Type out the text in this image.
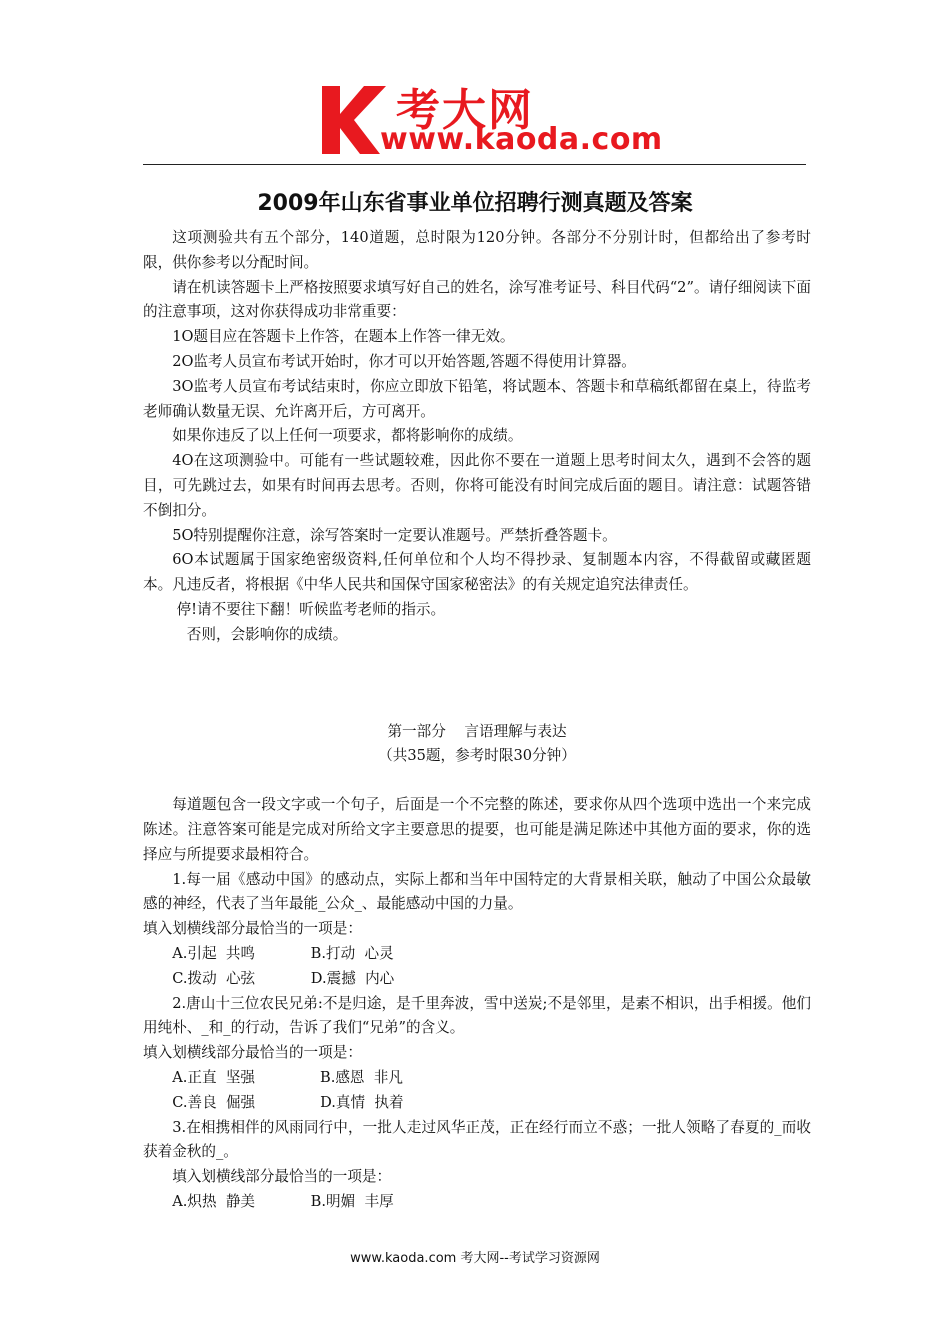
考大网
www.kaoda.com
2009年山东省事业单位招聘行测真题及答案

这项测验共有五个部分，140道题，总时限为120分钟。各部分不分别计时，但都给出了参考时限，供你参考以分配时间。

请在机读答题卡上严格按照要求填写好自己的姓名，涂写准考证号、科目代码“2”。请仔细阅读下面的注意事项，这对你获得成功非常重要：

1O题目应在答题卡上作答，在题本上作答一律无效。

2O监考人员宣布考试开始时，你才可以开始答题,答题不得使用计算器。

3O监考人员宣布考试结束时，你应立即放下铅笔，将试题本、答题卡和草稿纸都留在桌上，待监考老师确认数量无误、允许离开后，方可离开。

如果你违反了以上任何一项要求，都将影响你的成绩。

4O在这项测验中。可能有一些试题较难，因此你不要在一道题上思考时间太久，遇到不会答的题目，可先跳过去，如果有时间再去思考。否则，你将可能没有时间完成后面的题目。请注意：试题答错不倒扣分。

5O特别提醒你注意，涂写答案时一定要认准题号。严禁折叠答题卡。

6O本试题属于国家绝密级资料,任何单位和个人均不得抄录、复制题本内容，不得截留或藏匿题本。凡违反者，将根据《中华人民共和国保守国家秘密法》的有关规定追究法律责任。

停!请不要往下翻！听候监考老师的指示。

否则，会影响你的成绩。

第一部分    言语理解与表达

（共35题，参考时限30分钟）

每道题包含一段文字或一个句子，后面是一个不完整的陈述，要求你从四个选项中选出一个来完成陈述。注意答案可能是完成对所给文字主要意思的提要，也可能是满足陈述中其他方面的要求，你的选择应与所提要求最相符合。

1.每一届《感动中国》的感动点，实际上都和当年中国特定的大背景相关联，触动了中国公众最敏感的神经，代表了当年最能_公众_、最能感动中国的力量。

填入划横线部分最恰当的一项是：

A.引起  共鸣            B.打动  心灵

C.拨动  心弦            D.震撼  内心

2.唐山十三位农民兄弟:不是归途，是千里奔波，雪中送炭;不是邻里，是素不相识，出手相援。他们用纯朴、_和_的行动，告诉了我们“兄弟”的含义。

填入划横线部分最恰当的一项是：

A.正直  坚强              B.感恩  非凡

C.善良  倔强              D.真情  执着

3.在相携相伴的风雨同行中，一批人走过风华正茂，正在经行而立不惑；一批人领略了春夏的_而收获着金秋的_。

填入划横线部分最恰当的一项是：

A.炽热  静美            B.明媚  丰厚

www.kaoda.com 考大网--考试学习资源网
